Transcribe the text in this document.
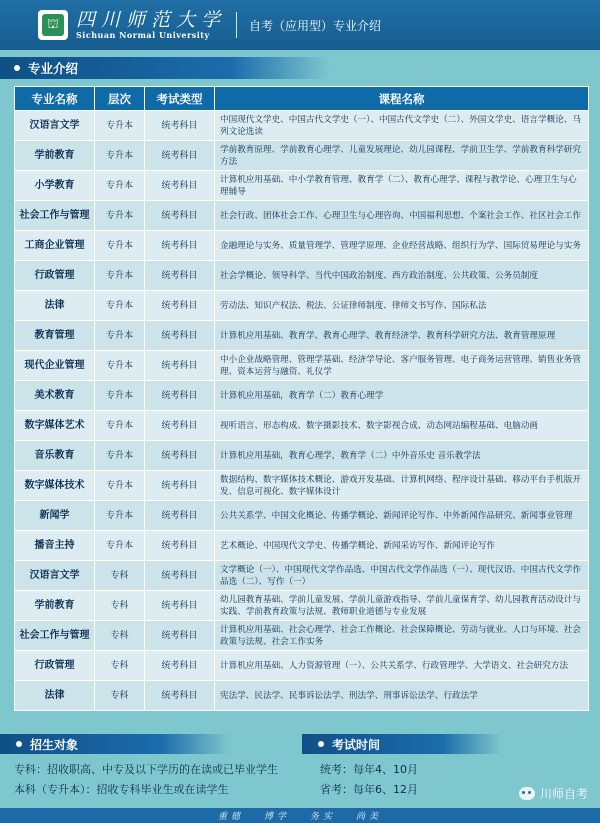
⛫ 四川师范大学
Sichuan Normal University
自考（应用型）专业介绍
专业介绍
专业名称	层次	考试类型	课程名称
汉语言文学	专升本	统考科目	中国现代文学史、中国古代文学史（一）、中国古代文学史（二）、外国文学史、语言学概论、马列文论选读
学前教育	专升本	统考科目	学前教育原理、学前教育心理学、儿童发展理论、幼儿园课程、学前卫生学、学前教育科学研究方法
小学教育	专升本	统考科目	计算机应用基础、中小学教育管理、教育学（二）、教育心理学、课程与教学论、心理卫生与心理辅导
社会工作与管理	专升本	统考科目	社会行政、团体社会工作、心理卫生与心理咨询、中国福利思想、个案社会工作、社区社会工作
工商企业管理	专升本	统考科目	金融理论与实务、质量管理学、管理学原理、企业经营战略、组织行为学、国际贸易理论与实务
行政管理	专升本	统考科目	社会学概论、领导科学、当代中国政治制度、西方政治制度、公共政策、公务员制度
法律	专升本	统考科目	劳动法、知识产权法、税法、公证律师制度、律师文书写作、国际私法
教育管理	专升本	统考科目	计算机应用基础、教育学、教育心理学、教育经济学、教育科学研究方法、教育管理原理
现代企业管理	专升本	统考科目	中小企业战略管理、管理学基础、经济学导论、客户服务管理、电子商务运营管理、销售业务管理、资本运营与融资、礼仪学
美术教育	专升本	统考科目	计算机应用基础，教育学（二）教育心理学
数字媒体艺术	专升本	统考科目	视听语言、形态构成、数字摄影技术、数字影视合成、动态网站编程基础、电脑动画
音乐教育	专升本	统考科目	计算机应用基础，教育心理学，教育学（二）中外音乐史 音乐教学法
数字媒体技术	专升本	统考科目	数据结构、数字媒体技术概论、游戏开发基础、计算机网络、程序设计基础、移动平台手机版开发、信息可视化、数字媒体设计
新闻学	专升本	统考科目	公共关系学、中国文化概论、传播学概论、新闻评论写作、中外新闻作品研究、新闻事业管理
播音主持	专升本	统考科目	艺术概论、中国现代文学史、传播学概论、新闻采访写作、新闻评论写作
汉语言文学	专科	统考科目	文学概论（一）、中国现代文学作品选、中国古代文学作品选（一）、现代汉语、中国古代文学作品选（二）、写作（一）
学前教育	专科	统考科目	幼儿园教育基础、学前儿童发展、学前儿童游戏指导、学前儿童保育学、幼儿园教育活动设计与实践、学前教育政策与法规、教师职业道德与专业发展
社会工作与管理	专科	统考科目	计算机应用基础、社会心理学、社会工作概论、社会保障概论、劳动与就业、人口与环境、社会政策与法规、社会工作实务
行政管理	专科	统考科目	计算机应用基础、人力资源管理（一）、公共关系学、行政管理学、大学语文、社会研究方法
法律	专科	统考科目	宪法学、民法学、民事诉讼法学、刑法学、刑事诉讼法学、行政法学
招生对象	考试时间
专科：招收职高、中专及以下学历的在读或已毕业学生
本科（专升本）：招收专科毕业生或在读学生
统考：每年4、10月
省考：每年6、12月	川师自考
重德 博学 务实 尚美
